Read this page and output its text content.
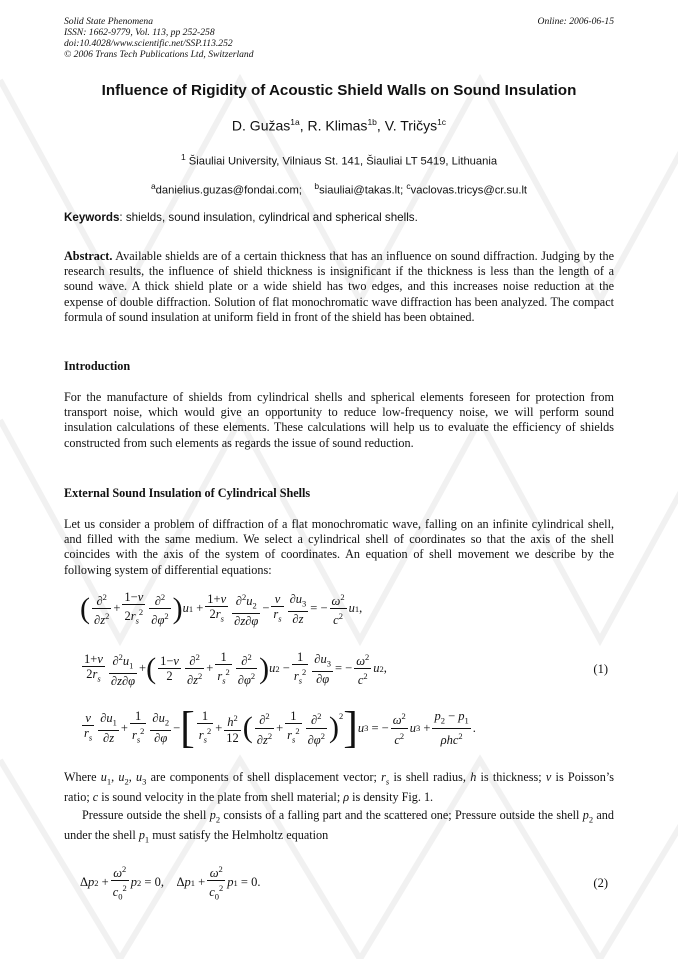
Solid State Phenomena
ISSN: 1662-9779, Vol. 113, pp 252-258
doi:10.4028/www.scientific.net/SSP.113.252
© 2006 Trans Tech Publications Ltd, Switzerland
Online: 2006-06-15
Influence of Rigidity of Acoustic Shield Walls on Sound Insulation
D. Gužas$^{1a}$, R. Klimas$^{1b}$, V. Tričys$^{1c}$
$^1$ Šiauliai University, Vilniaus St. 141, Šiauliai LT 5419, Lithuania
$^a$danielius.guzas@fondai.com; $^b$siauliai@takas.lt; $^c$vaclovas.tricys@cr.su.lt
Keywords: shields, sound insulation, cylindrical and spherical shells.
Abstract. Available shields are of a certain thickness that has an influence on sound diffraction. Judging by the research results, the influence of shield thickness is insignificant if the thickness is less than the length of a sound wave. A thick shield plate or a wide shield has two edges, and this increases noise reduction at the expense of double diffraction. Solution of flat monochromatic wave diffraction has been analyzed. The compact formula of sound insulation at uniform field in front of the shield has been obtained.
Introduction
For the manufacture of shields from cylindrical shells and spherical elements foreseen for protection from transport noise, which would give an opportunity to reduce low-frequency noise, we will perform sound insulation calculations of these elements. These calculations will help us to evaluate the efficiency of shields constructed from such elements as regards the issue of sound reduction.
External Sound Insulation of Cylindrical Shells
Let us consider a problem of diffraction of a flat monochromatic wave, falling on an infinite cylindrical shell, and filled with the same medium. We select a cylindrical shell of coordinates so that the axis of the shell coincides with the axis of the system of coordinates. An equation of shell movement we describe by the following system of differential equations:
( $\frac{\partial^2}{\partial z^2} + \frac{1-\nu}{2r_s^2} \frac{\partial^2}{\partial\varphi^2}$ ) u $1 + \frac{1+\nu}{2r_s} \frac{\partial^2u_2}{\partial z\partial\varphi} - \frac{\nu}{r_s} \frac{\partial u_3}{\partial z}$ = − $\frac{\omega^2}{c^2}$ u 1 ,
$\frac{1+\nu}{2r_s} \frac{\partial^2u_1}{\partial z\partial\varphi}$ + ( $\frac{1-\nu}{2} \frac{\partial^2}{\partial z^2} + \frac{1}{r_s^2} \frac{\partial^2}{\partial\varphi^2}$ ) u $2 - \frac{1}{r_s^2} \frac{\partial u_3}{\partial\varphi}$ = − $\frac{\omega^2}{c^2}$ u 2 ,	(1)
$\frac{\nu}{r_s} \frac{\partial u_1}{\partial z} + \frac{1}{r_s^2} \frac{\partial u_2}{\partial\varphi}$ − [ $\frac{1}{r_s^2} + \frac{h^2}{12}$ ( $\frac{\partial^2}{\partial z^2} + \frac{1}{r_s^2} \frac{\partial^2}{\partial\varphi^2} )^2$ ] u 3 = − $\frac{\omega^2}{c^2}$ u $3 + \frac{p_2 - p_1}{\rho hc^2}$ .
Where $u_1$, $u_2$, $u_3$ are components of shell displacement vector; $r_s$ is shell radius, h is thickness; ν is Poisson’s ratio; c is sound velocity in the plate from shell material; ρ is density Fig. 1.
Pressure outside the shell $p_2$ consists of a falling part and the scattered one; Pressure outside the shell $p_2$ and under the shell $p_1$ must satisfy the Helmholtz equation
Δ p $2 + \frac{\omega^2}{c_0^2}$ p 2 = 0,    Δ p $1 + \frac{\omega^2}{c_0^2}$ p 1 = 0.	(2)
